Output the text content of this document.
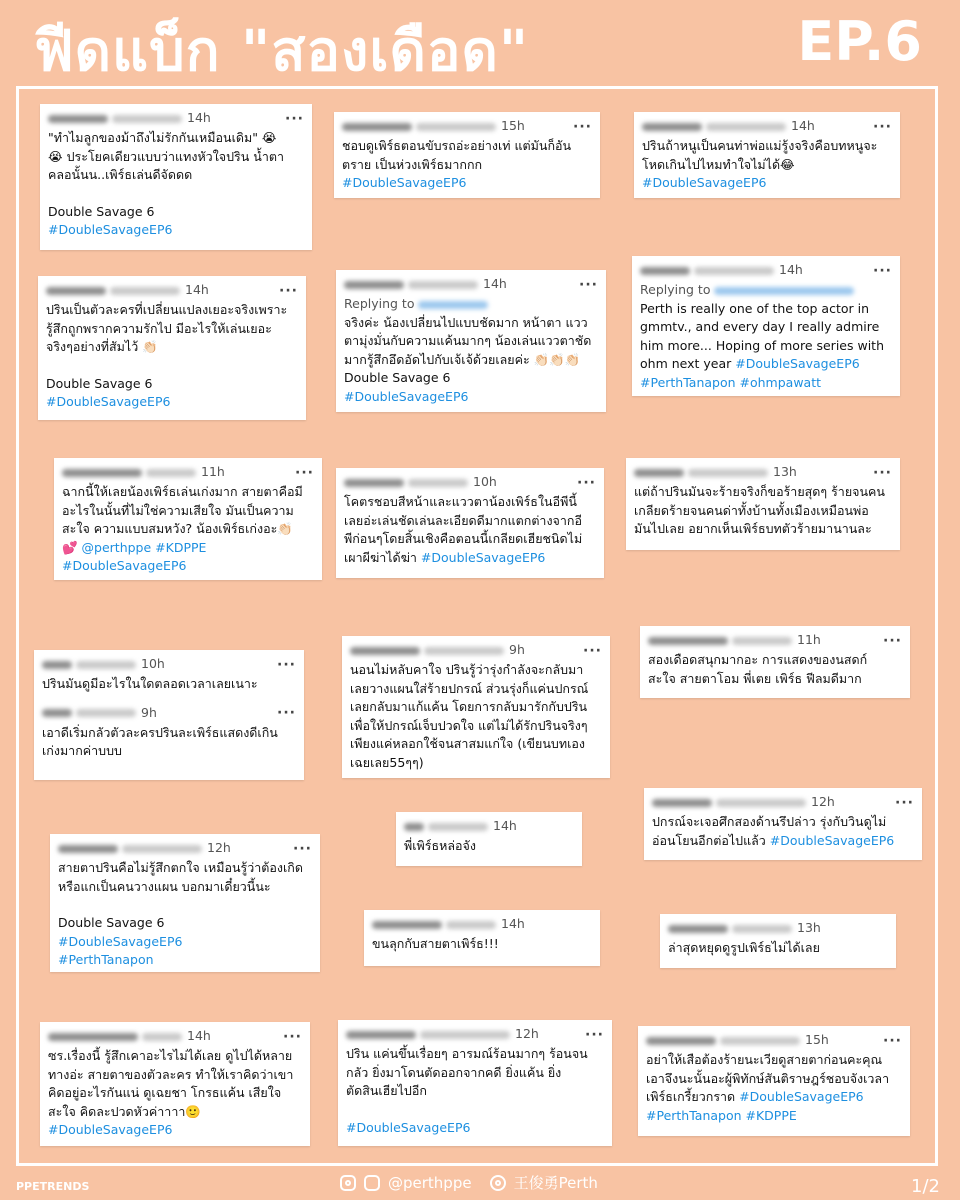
ฟีดแบ็ก "สองเดือด"	EP.6
14h	···

"ทำไมลูกของม้าถึงไม่รักกันเหมือนเดิม" 😭

😭 ประโยคเดียวแบบว่าแทงหัวใจปริน น้ำตา

คลอนั้นน..เพิร์ธเล่นดีจัดดด

Double Savage 6

#DoubleSavageEP6

15h	···

ชอบดูเพิร์ธตอนขับรถอ่ะอย่างเท่ แต่มันก็อัน

ตราย เป็นห่วงเพิร์ธมากกก

#DoubleSavageEP6

14h	···

ปรินถ้าหนูเป็นคนท่าพ่อแม่รู้งจริงคือบทหนูจะ

โหดเกินไปไหมทำใจไม่ได้😂

#DoubleSavageEP6

14h	···

ปรินเป็นตัวละครที่เปลี่ยนแปลงเยอะจริงเพราะ

รู้สึกถูกพรากความรักไป มีอะไรให้เล่นเยอะ

จริงๆอย่างที่สัมไว้ 👏🏻

Double Savage 6

#DoubleSavageEP6

14h	···

Replying to

จริงค่ะ น้องเปลี่ยนไปแบบชัดมาก หน้าตา แวว

ตามุ่งมั่นกับความแค้นมากๆ น้องเล่นแววตาชัด

มากรู้สึกอึดอัดไปกับเจ้เจ้ด้วยเลยค่ะ 👏🏻👏🏻👏🏻

Double Savage 6

#DoubleSavageEP6

14h	···

Replying to

Perth is really one of the top actor in

gmmtv., and every day I really admire

him more... Hoping of more series with

ohm next year #DoubleSavageEP6

#PerthTanapon #ohmpawatt

11h	···

ฉากนี้ให้เลยน้องเพิร์ธเล่นเก่งมาก สายตาคือมี

อะไรในนั้นที่ไม่ใช่ความเสียใจ มันเป็นความ

สะใจ ความแบบสมหวัง? น้องเพิร์ธเก่งอะ👏🏻

💕 @perthppe #KDPPE

#DoubleSavageEP6

10h	···

โคตรชอบสีหน้าและแววตาน้องเพิร์ธในอีพีนี้

เลยอ่ะเล่นชัดเล่นละเอียดดีมากแตกต่างจากอี

พีก่อนๆโดยสิ้นเชิงคือตอนนี้เกลียดเฮียชนิดไม่

เผาผีฆ่าได้ฆ่า #DoubleSavageEP6

13h	···

แต่ถ้าปรินมันจะร้ายจริงก็ขอร้ายสุดๆ ร้ายจนคน

เกลียดร้ายจนคนด่าทั้งบ้านทั้งเมืองเหมือนพ่อ

มันไปเลย อยากเห็นเพิร์ธบทตัวร้ายมานานละ

10h	···

ปรินมันดูมีอะไรในใดตลอดเวลาเลยเนาะ

9h	···

เอาดีเริ่มกลัวตัวละครปรินละเพิร์ธแสดงดีเกิน

เก่งมากค่าบบบ

9h	···

นอนไม่หลับคาใจ ปรินรู้ว่ารุ่งกำลังจะกลับมา

เลยวางแผนใส่ร้ายปกรณ์ ส่วนรุ่งก็แค่นปกรณ์

เลยกลับมาแก้แค้น โดยการกลับมารักกับปริน

เพื่อให้ปกรณ์เจ็บปวดใจ แต่ไม่ได้รักปรินจริงๆ

เพียงแค่หลอกใช้จนสาสมแก่ใจ (เขียนบทเอง

เฉยเลย55ๆๆ)

11h	···

สองเดือดสนุกมากอะ การแสดงของนสดก์

สะใจ สายตาโอม พี่เตย เพิร์ธ ฟีลมดีมาก

12h	···

ปกรณ์จะเจอศึกสองด้านรึปล่าว รุ่งกับวินดูไม่

อ่อนโยนอีกต่อไปแล้ว #DoubleSavageEP6

14h

พี่เพิร์ธหล่อจัง

12h	···

สายตาปรินคือไม่รู้สึกตกใจ เหมือนรู้ว่าต้องเกิด

หรือแกเป็นคนวางแผน บอกมาเดี๋ยวนี้นะ

Double Savage 6

#DoubleSavageEP6

#PerthTanapon

14h

ขนลุกกับสายตาเพิร์ธ!!!

13h

ล่าสุดหยุดดูรูปเพิร์ธไม่ได้เลย

14h	···

ซร.เรื่องนี้ รู้สึกเคาอะไรไม่ได้เลย ดูไปได้หลาย

ทางอ่ะ สายตาของตัวละคร ทำให้เราคิดว่าเขา

คิดอยู่อะไรกันแน่ ดูเฉยชา โกรธแค้น เสียใจ

สะใจ คิดละปวดหัวค่าาาา🙂

#DoubleSavageEP6

12h	···

ปริน แค่นขึ้นเรื่อยๆ อารมณ์ร้อนมากๆ ร้อนจน

กลัว ยิ่งมาโดนตัดออกจากคดี ยิ่งแค้น ยิ่ง

ตัดสินเฮียไปอีก

#DoubleSavageEP6

15h	···

อย่าให้เสือต้องร้ายนะเวียดูสายตาก่อนคะคุณ

เอาจึงนะนั้นอะผู้พิทักษ์สันติราษฎร์ชอบจังเวลา

เพิร์ธเกรี้ยวกราด #DoubleSavageEP6

#PerthTanapon #KDPPE

PPETRENDS	@perthppe	王俊勇Perth	1/2
